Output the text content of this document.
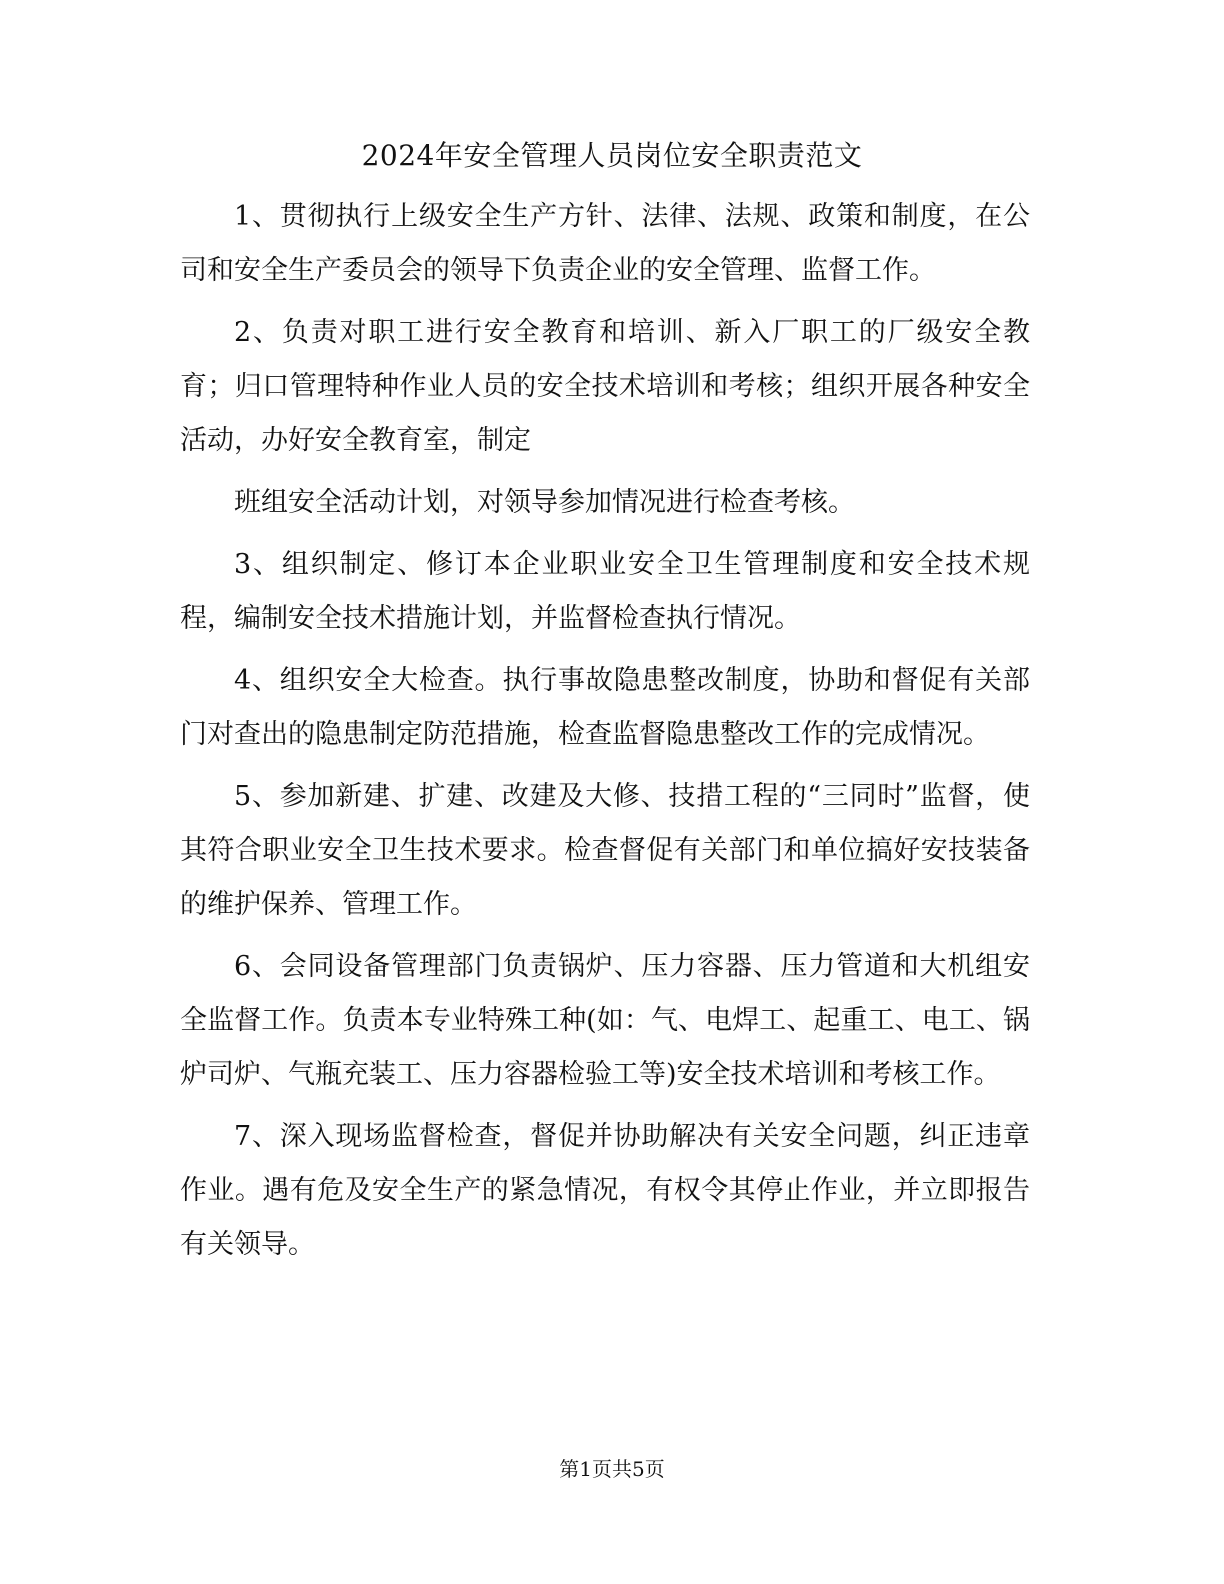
2024年安全管理人员岗位安全职责范文

1、贯彻执行上级安全生产方针、法律、法规、政策和制度，在公司和安全生产委员会的领导下负责企业的安全管理、监督工作。

2、负责对职工进行安全教育和培训、新入厂职工的厂级安全教育；归口管理特种作业人员的安全技术培训和考核；组织开展各种安全活动，办好安全教育室，制定

班组安全活动计划，对领导参加情况进行检查考核。

3、组织制定、修订本企业职业安全卫生管理制度和安全技术规程，编制安全技术措施计划，并监督检查执行情况。

4、组织安全大检查。执行事故隐患整改制度，协助和督促有关部门对查出的隐患制定防范措施，检查监督隐患整改工作的完成情况。

5、参加新建、扩建、改建及大修、技措工程的“三同时”监督，使其符合职业安全卫生技术要求。检查督促有关部门和单位搞好安技装备的维护保养、管理工作。

6、会同设备管理部门负责锅炉、压力容器、压力管道和大机组安全监督工作。负责本专业特殊工种(如：气、电焊工、起重工、电工、锅炉司炉、气瓶充装工、压力容器检验工等)安全技术培训和考核工作。

7、深入现场监督检查，督促并协助解决有关安全问题，纠正违章作业。遇有危及安全生产的紧急情况，有权令其停止作业，并立即报告有关领导。

第1页共5页
